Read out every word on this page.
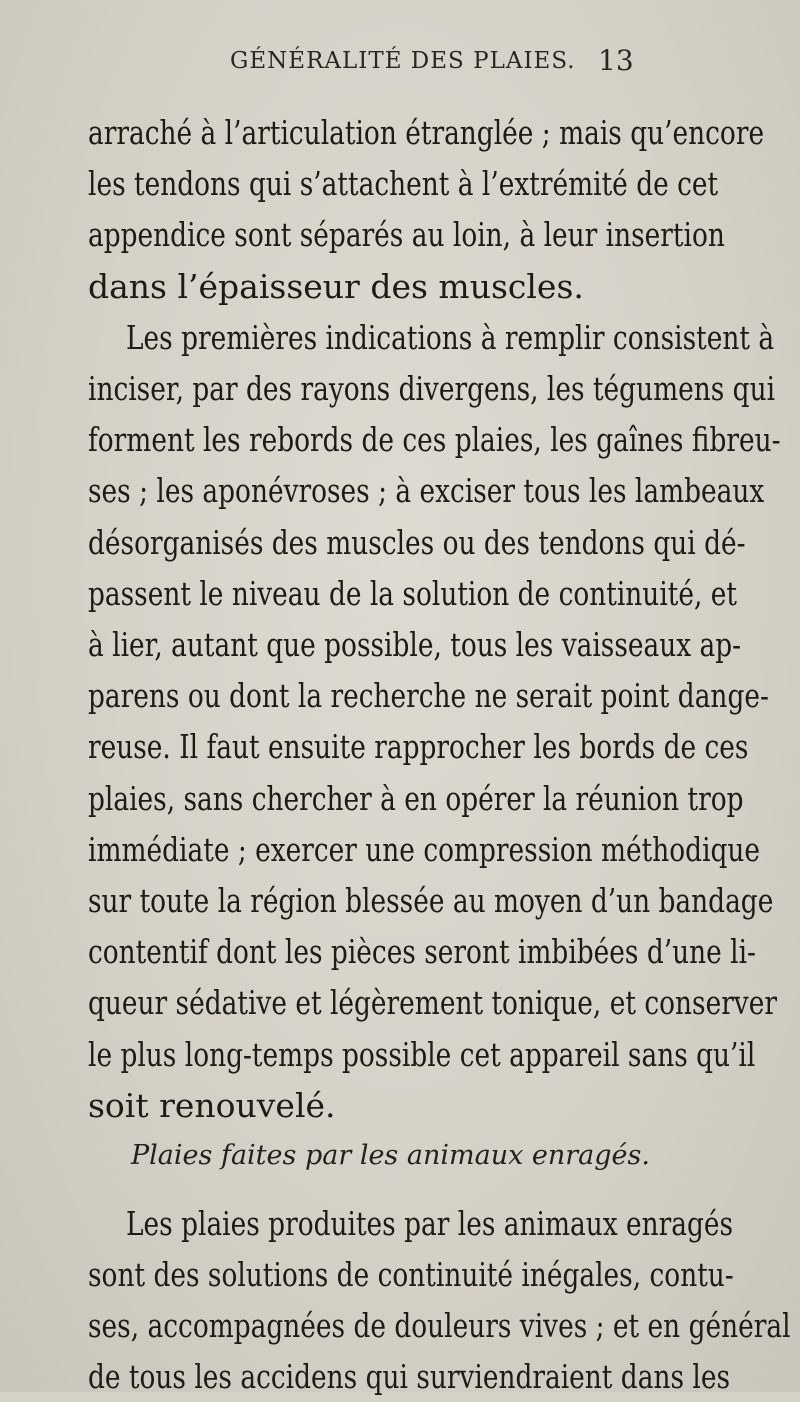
GÉNÉRALITÉ DES PLAIES. 13
arraché à l’articulation étranglée ; mais qu’encore
les tendons qui s’attachent à l’extrémité de cet
appendice sont séparés au loin, à leur insertion
dans l’épaisseur des muscles.
Les premières indications à remplir consistent à
inciser, par des rayons divergens, les tégumens qui
forment les rebords de ces plaies, les gaînes fibreu-
ses ; les aponévroses ; à exciser tous les lambeaux
désorganisés des muscles ou des tendons qui dé-
passent le niveau de la solution de continuité, et
à lier, autant que possible, tous les vaisseaux ap-
parens ou dont la recherche ne serait point dange-
reuse. Il faut ensuite rapprocher les bords de ces
plaies, sans chercher à en opérer la réunion trop
immédiate ; exercer une compression méthodique
sur toute la région blessée au moyen d’un bandage
contentif dont les pièces seront imbibées d’une li-
queur sédative et légèrement tonique, et conserver
le plus long-temps possible cet appareil sans qu’il
soit renouvelé.
Plaies faites par les animaux enragés.
Les plaies produites par les animaux enragés
sont des solutions de continuité inégales, contu-
ses, accompagnées de douleurs vives ; et en général
de tous les accidens qui surviendraient dans les
